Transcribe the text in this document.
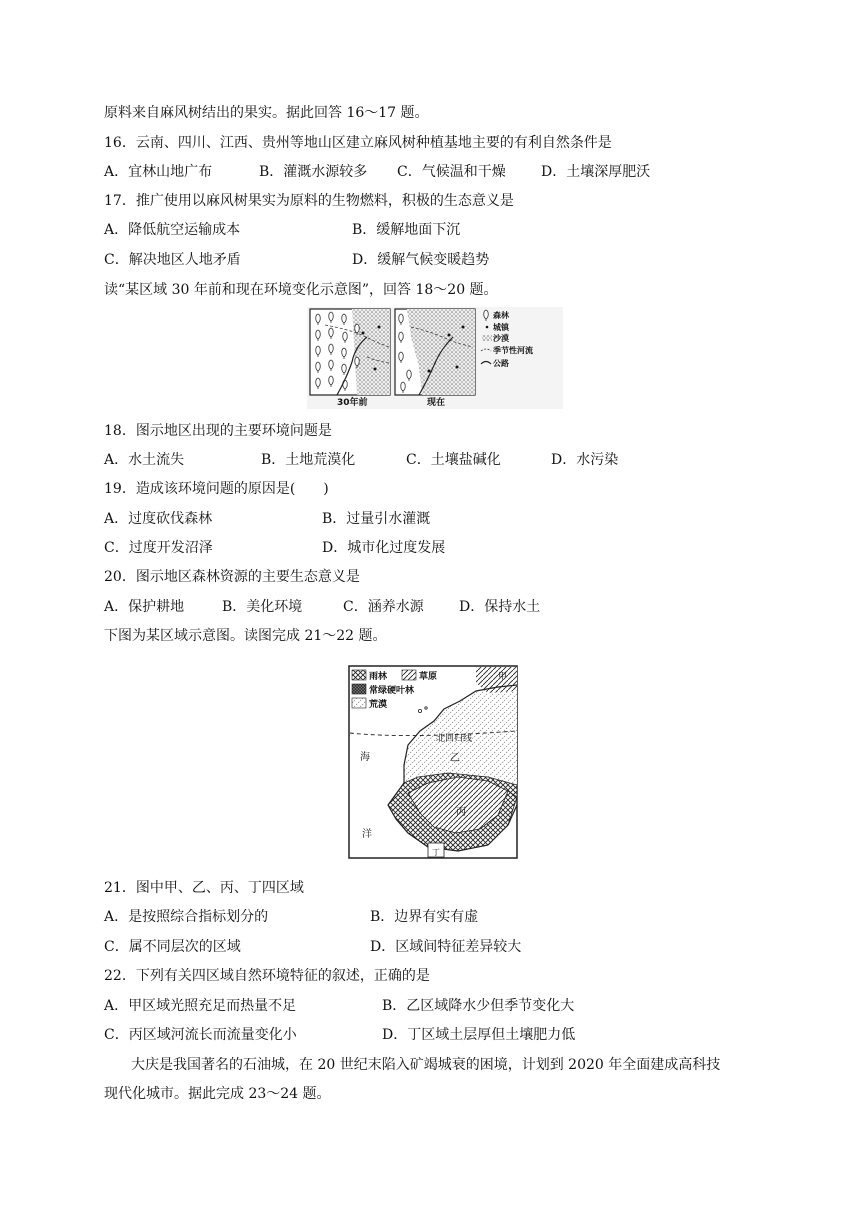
原料来自麻风树结出的果实。据此回答 16～17 题。
16．云南、四川、江西、贵州等地山区建立麻风树种植基地主要的有利自然条件是
A．宜林山地广布	B．灌溉水源较多 C．气候温和干燥	D．土壤深厚肥沃
17．推广使用以麻风树果实为原料的生物燃料，积极的生态意义是
A．降低航空运输成本	B．缓解地面下沉
C．解决地区人地矛盾	D．缓解气候变暖趋势
读“某区域 30 年前和现在环境变化示意图”，回答 18～20 题。
30年前	现在
森林
城镇
沙漠
季节性河流
公路
18．图示地区出现的主要环境问题是
A．水土流失	B．土地荒漠化	C．土壤盐碱化	D．水污染
19．造成该环境问题的原因是(　　)
A．过度砍伐森林	B．过量引水灌溉
C．过度开发沼泽	D．城市化过度发展
20．图示地区森林资源的主要生态意义是
A．保护耕地	B．美化环境	C．涵养水源	D．保持水土
下图为某区域示意图。读图完成 21～22 题。
北回归线
雨林	草原
常绿硬叶林
荒漠
甲
乙
丙
丁
海
洋
21．图中甲、乙、丙、丁四区域
A．是按照综合指标划分的	B．边界有实有虚
C．属不同层次的区域	D．区域间特征差异较大
22．下列有关四区域自然环境特征的叙述，正确的是
A．甲区域光照充足而热量不足	B．乙区域降水少但季节变化大
C．丙区域河流长而流量变化小	D．丁区域土层厚但土壤肥力低
大庆是我国著名的石油城，在 20 世纪末陷入矿竭城衰的困境，计划到 2020 年全面建成高科技
现代化城市。据此完成 23～24 题。
